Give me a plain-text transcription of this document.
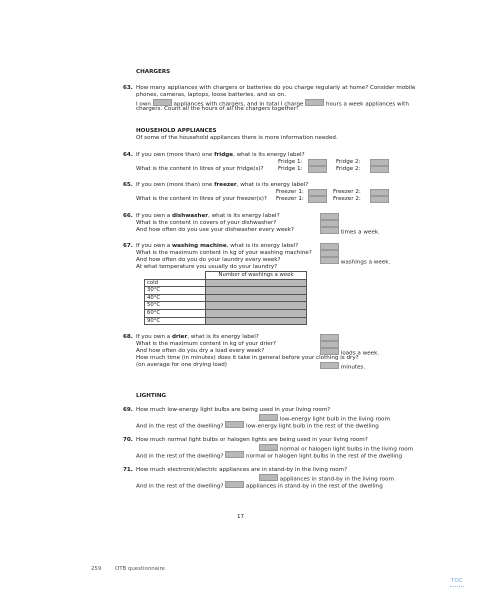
CHARGERS
63. How many appliances with chargers or batteries do you charge regularly at home? Consider mobile
phones, cameras, laptops, loose batteries, and so on.
I own	appliances with chargers, and in total I charge	hours a week appliances with
chargers. Count all the hours of all the chargers together!
HOUSEHOLD APPLIANCES
Of some of the household appliances there is more information needed.
64. If you own (more than) one fridge, what is its energy label?
Fridge 1:	Fridge 2:
What is the content in litres of your fridge(s)?	Fridge 1:	Fridge 2:
65. If you own (more than) one freezer, what is its energy label?
Freezer 1:	Freezer 2:
What is the content in litres of your freezer(s)? Freezer 1:	Freezer 2:
66. If you own a dishwasher, what is its energy label?
What is the content in covers of your dishwasher?
And how often do you use your dishwasher every week?	times a week.
67. If you own a washing machine, what is its energy label?
What is the maximum content in kg of your washing machine?
And how often do you do your laundry every week?	washings a week.
At what temperature you usually do your laundry?
	Number of washings a week
cold	
30°C	
40°C	
50°C	
60°C	
90°C	
68. If you own a drier, what is its energy label?
What is the maximum content in kg of your drier?
And how often do you dry a load every week?	loads a week.
How much time (in minutes) does it take in general before your clothing is dry?
(on average for one drying load)	minutes.
LIGHTING
69. How much low-energy light bulbs are being used in your living room?
low-energy light bulb in the living room
And in the rest of the dwelling?	low-energy light bulb in the rest of the dwelling
70. How much normal light bulbs or halogen lights are being used in your living room?
normal or halogen light bulbs in the living room
And in the rest of the dwelling?	normal or halogen light bulbs in the rest of the dwelling
71. How much electronic/electric appliances are in stand-by in the living room?
appliances in stand-by in the living room
And in the rest of the dwelling?	appliances in stand-by in the rest of the dwelling
17
259	OTB questionnaire
TOC
